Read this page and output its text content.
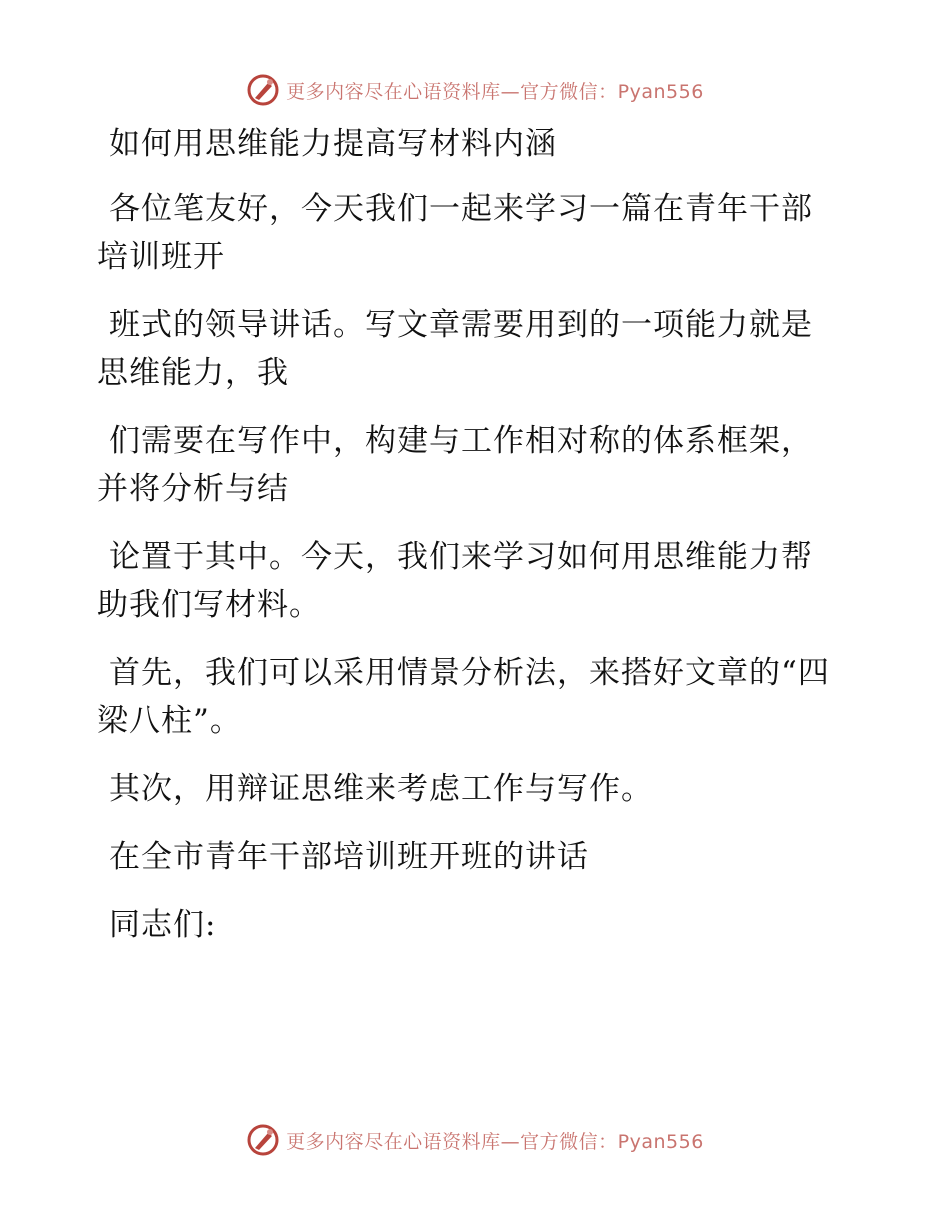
更多内容尽在心语资料库—官方微信：Pyan556

如何用思维能力提高写材料内涵

各位笔友好，今天我们一起来学习一篇在青年干部培训班开

班式的领导讲话。写文章需要用到的一项能力就是思维能力，我

们需要在写作中，构建与工作相对称的体系框架，并将分析与结

论置于其中。今天，我们来学习如何用思维能力帮助我们写材料。

首先，我们可以采用情景分析法，来搭好文章的“四梁八柱”。

其次，用辩证思维来考虑工作与写作。

在全市青年干部培训班开班的讲话

同志们:

更多内容尽在心语资料库—官方微信：Pyan556
